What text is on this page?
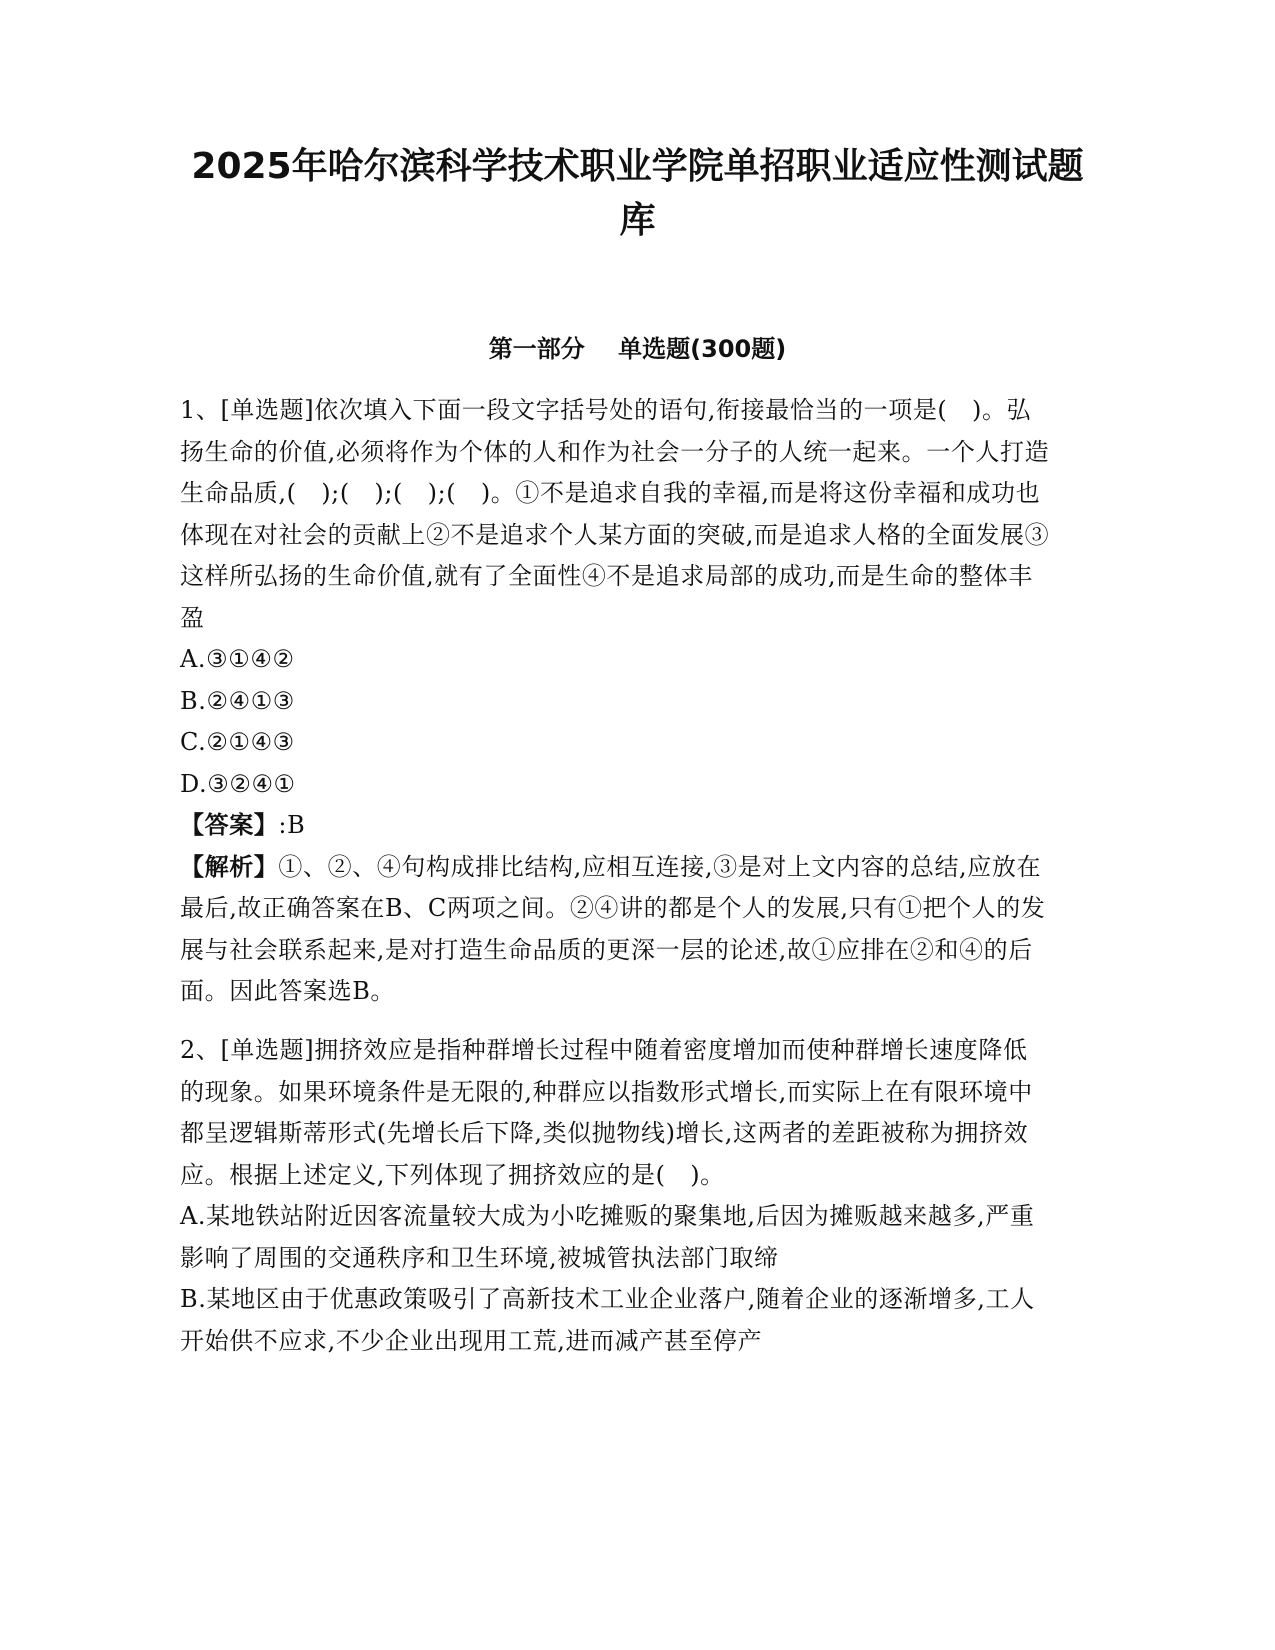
2025年哈尔滨科学技术职业学院单招职业适应性测试题库
第一部分    单选题(300题)

1、[单选题]依次填入下面一段文字括号处的语句,衔接最恰当的一项是(　)。弘扬生命的价值,必须将作为个体的人和作为社会一分子的人统一起来。一个人打造生命品质,(　);(　);(　);(　)。①不是追求自我的幸福,而是将这份幸福和成功也体现在对社会的贡献上②不是追求个人某方面的突破,而是追求人格的全面发展③这样所弘扬的生命价值,就有了全面性④不是追求局部的成功,而是生命的整体丰盈

A.③①④②

B.②④①③

C.②①④③

D.③②④①

【答案】:B

【解析】①、②、④句构成排比结构,应相互连接,③是对上文内容的总结,应放在最后,故正确答案在B、C两项之间。②④讲的都是个人的发展,只有①把个人的发展与社会联系起来,是对打造生命品质的更深一层的论述,故①应排在②和④的后面。因此答案选B。

2、[单选题]拥挤效应是指种群增长过程中随着密度增加而使种群增长速度降低的现象。如果环境条件是无限的,种群应以指数形式增长,而实际上在有限环境中都呈逻辑斯蒂形式(先增长后下降,类似抛物线)增长,这两者的差距被称为拥挤效应。根据上述定义,下列体现了拥挤效应的是(　)。

A.某地铁站附近因客流量较大成为小吃摊贩的聚集地,后因为摊贩越来越多,严重影响了周围的交通秩序和卫生环境,被城管执法部门取缔

B.某地区由于优惠政策吸引了高新技术工业企业落户,随着企业的逐渐增多,工人开始供不应求,不少企业出现用工荒,进而减产甚至停产
